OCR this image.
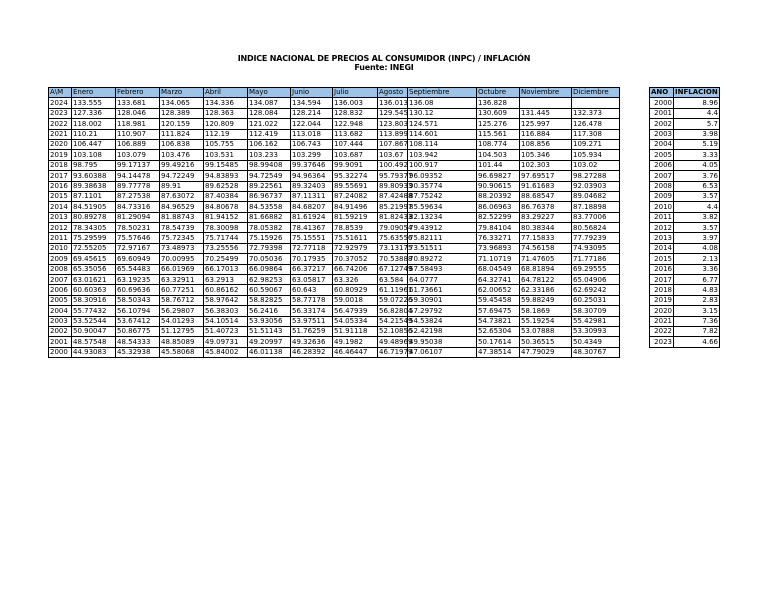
INDICE NACIONAL DE PRECIOS AL CONSUMIDOR (INPC) / INFLACIÓN
Fuente: INEGI
A\M	Enero	Febrero	Marzo	Abril	Mayo	Junio	Julio	Agosto	Septiembre	Octubre	Noviembre	Diciembre
2024	133.555	133.681	134.065	134.336	134.087	134.594	136.003	136.013	136.08	136.828		
2023	127.336	128.046	128.389	128.363	128.084	128.214	128.832	129.545	130.12	130.609	131.445	132.373
2022	118.002	118.981	120.159	120.809	121.022	122.044	122.948	123.803	124.571	125.276	125.997	126.478
2021	110.21	110.907	111.824	112.19	112.419	113.018	113.682	113.899	114.601	115.561	116.884	117.308
2020	106.447	106.889	106.838	105.755	106.162	106.743	107.444	107.867	108.114	108.774	108.856	109.271
2019	103.108	103.079	103.476	103.531	103.233	103.299	103.687	103.67	103.942	104.503	105.346	105.934
2018	98.795	99.17137	99.49216	99.15485	98.99408	99.37646	99.9091	100.492	100.917	101.44	102.303	103.02
2017	93.60388	94.14478	94.72249	94.83893	94.72549	94.96364	95.32274	95.79377	96.09352	96.69827	97.69517	98.27288
2016	89.38638	89.77778	89.91	89.62528	89.22561	89.32403	89.55691	89.80933	90.35774	90.90615	91.61683	92.03903
2015	87.1101	87.27538	87.63072	87.40384	86.96737	87.11311	87.24082	87.42488	87.75242	88.20392	88.68547	89.04682
2014	84.51905	84.73316	84.96529	84.80678	84.53558	84.68207	84.91496	85.21997	85.59634	86.06963	86.76378	87.18898
2013	80.89278	81.29094	81.88743	81.94152	81.66882	81.61924	81.59219	81.82433	82.13234	82.52299	83.29227	83.77006
2012	78.34305	78.50231	78.54739	78.30098	78.05382	78.41367	78.8539	79.09054	79.43912	79.84104	80.38344	80.56824
2011	75.29599	75.57646	75.72345	75.71744	75.15926	75.15551	75.51611	75.63556	75.82111	76.33271	77.15833	77.79239
2010	72.55205	72.97167	73.48973	73.25556	72.79398	72.77118	72.92979	73.13175	73.51511	73.96893	74.56158	74.93095
2009	69.45615	69.60949	70.00995	70.25499	70.05036	70.17935	70.37052	70.53888	70.89272	71.10719	71.47605	71.77186
2008	65.35056	65.54483	66.01969	66.17013	66.09864	66.37217	66.74206	67.12749	67.58493	68.04549	68.81894	69.29555
2007	63.01621	63.19235	63.32911	63.2913	62.98253	63.05817	63.326	63.584	64.0777	64.32741	64.78122	65.04906
2006	60.60363	60.69636	60.77251	60.86162	60.59067	60.643	60.80929	61.11961	61.73661	62.00652	62.33186	62.69242
2005	58.30916	58.50343	58.76712	58.97642	58.82825	58.77178	59.0018	59.07226	59.30901	59.45458	59.88249	60.25031
2004	55.77432	56.10794	56.29807	56.38303	56.2416	56.33174	56.47939	56.82804	57.29792	57.69475	58.1869	58.30709
2003	53.52544	53.67412	54.01293	54.10514	53.93056	53.97511	54.05334	54.21549	54.53824	54.73821	55.19254	55.42981
2002	50.90047	50.86775	51.12795	51.40723	51.51143	51.76259	51.91118	52.10856	52.42198	52.65304	53.07888	53.30993
2001	48.57548	48.54333	48.85089	49.09731	49.20997	49.32636	49.1982	49.48969	49.95038	50.17614	50.36515	50.4349
2000	44.93083	45.32938	45.58068	45.84002	46.01138	46.28392	46.46447	46.71979	47.06107	47.38514	47.79029	48.30767
AÑO	INFLACION
2000	8.96
2001	4.4
2002	5.7
2003	3.98
2004	5.19
2005	3.33
2006	4.05
2007	3.76
2008	6.53
2009	3.57
2010	4.4
2011	3.82
2012	3.57
2013	3.97
2014	4.08
2015	2.13
2016	3.36
2017	6.77
2018	4.83
2019	2.83
2020	3.15
2021	7.36
2022	7.82
2023	4.66
